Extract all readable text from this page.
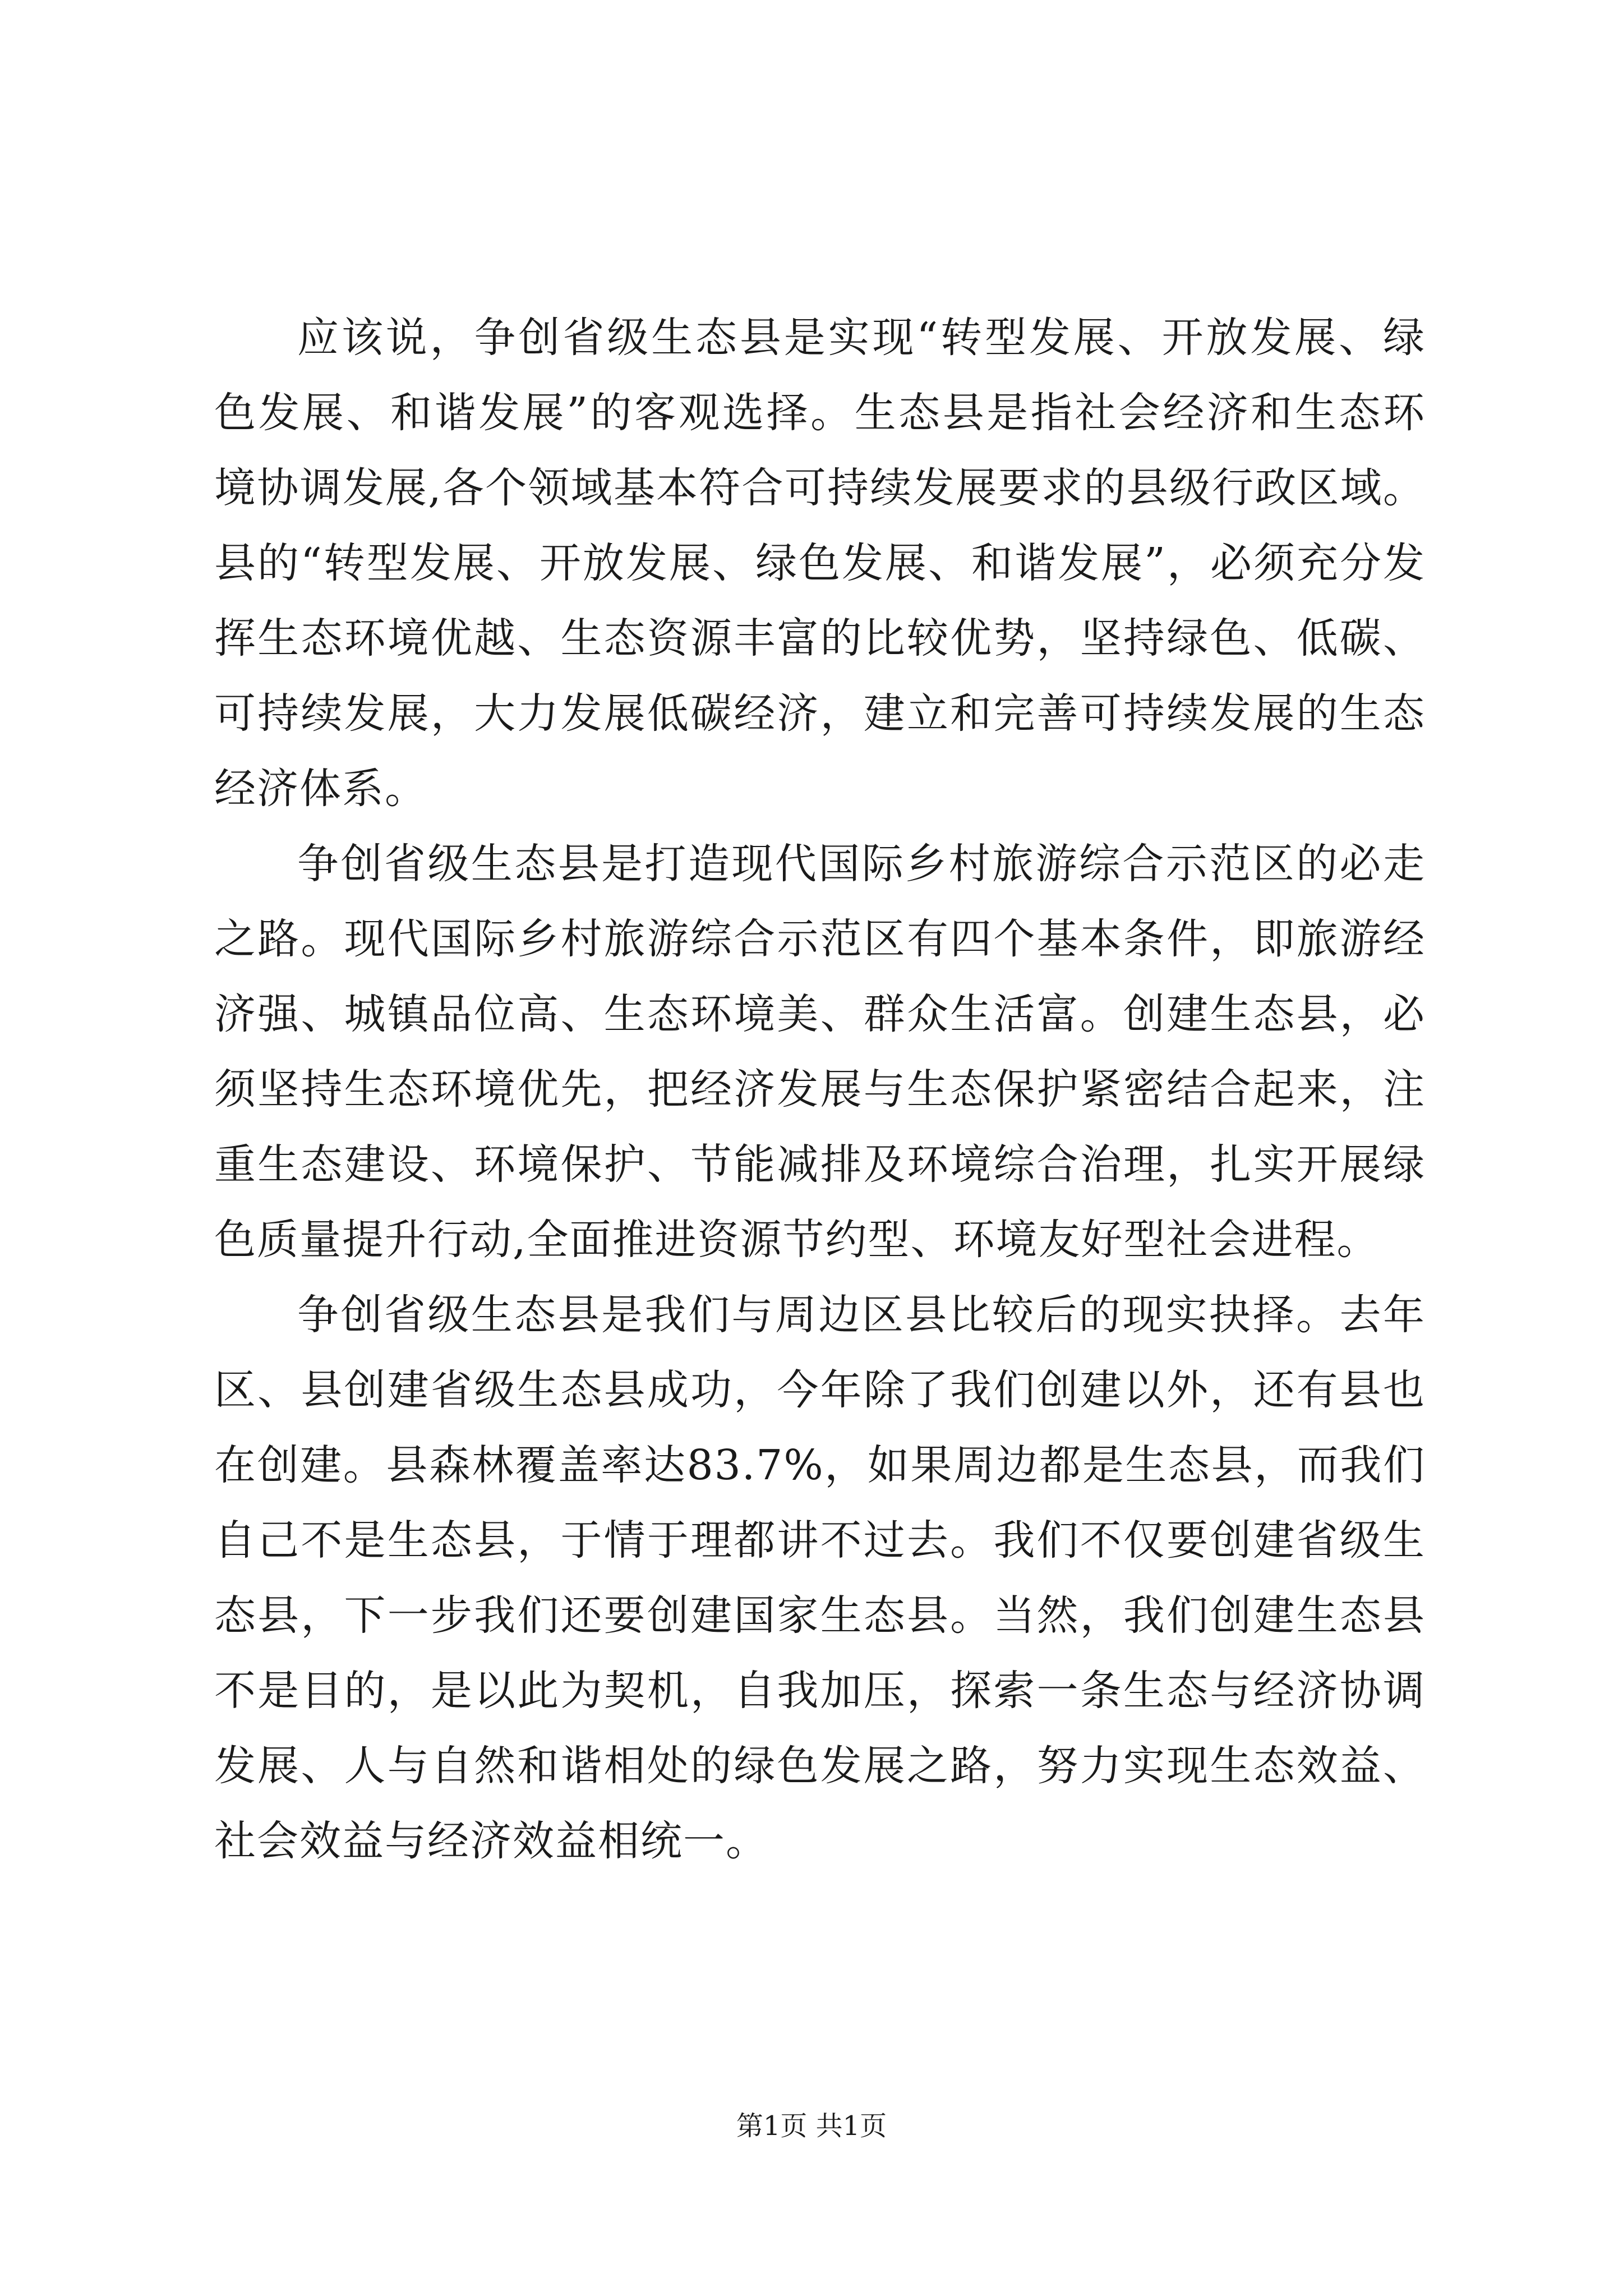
应该说，争创省级生态县是实现“转型发展、开放发展、绿色发展、和谐发展”的客观选择。生态县是指社会经济和生态环境协调发展,各个领域基本符合可持续发展要求的县级行政区域。县的“转型发展、开放发展、绿色发展、和谐发展”，必须充分发挥生态环境优越、生态资源丰富的比较优势，坚持绿色、低碳、可持续发展，大力发展低碳经济，建立和完善可持续发展的生态经济体系。

争创省级生态县是打造现代国际乡村旅游综合示范区的必走之路。现代国际乡村旅游综合示范区有四个基本条件，即旅游经济强、城镇品位高、生态环境美、群众生活富。创建生态县，必须坚持生态环境优先，把经济发展与生态保护紧密结合起来，注重生态建设、环境保护、节能减排及环境综合治理，扎实开展绿色质量提升行动,全面推进资源节约型、环境友好型社会进程。

争创省级生态县是我们与周边区县比较后的现实抉择。去年区、县创建省级生态县成功，今年除了我们创建以外，还有县也在创建。县森林覆盖率达83.7%，如果周边都是生态县，而我们自己不是生态县，于情于理都讲不过去。我们不仅要创建省级生态县，下一步我们还要创建国家生态县。当然，我们创建生态县不是目的，是以此为契机，自我加压，探索一条生态与经济协调发展、人与自然和谐相处的绿色发展之路，努力实现生态效益、社会效益与经济效益相统一。

第1页 共1页
